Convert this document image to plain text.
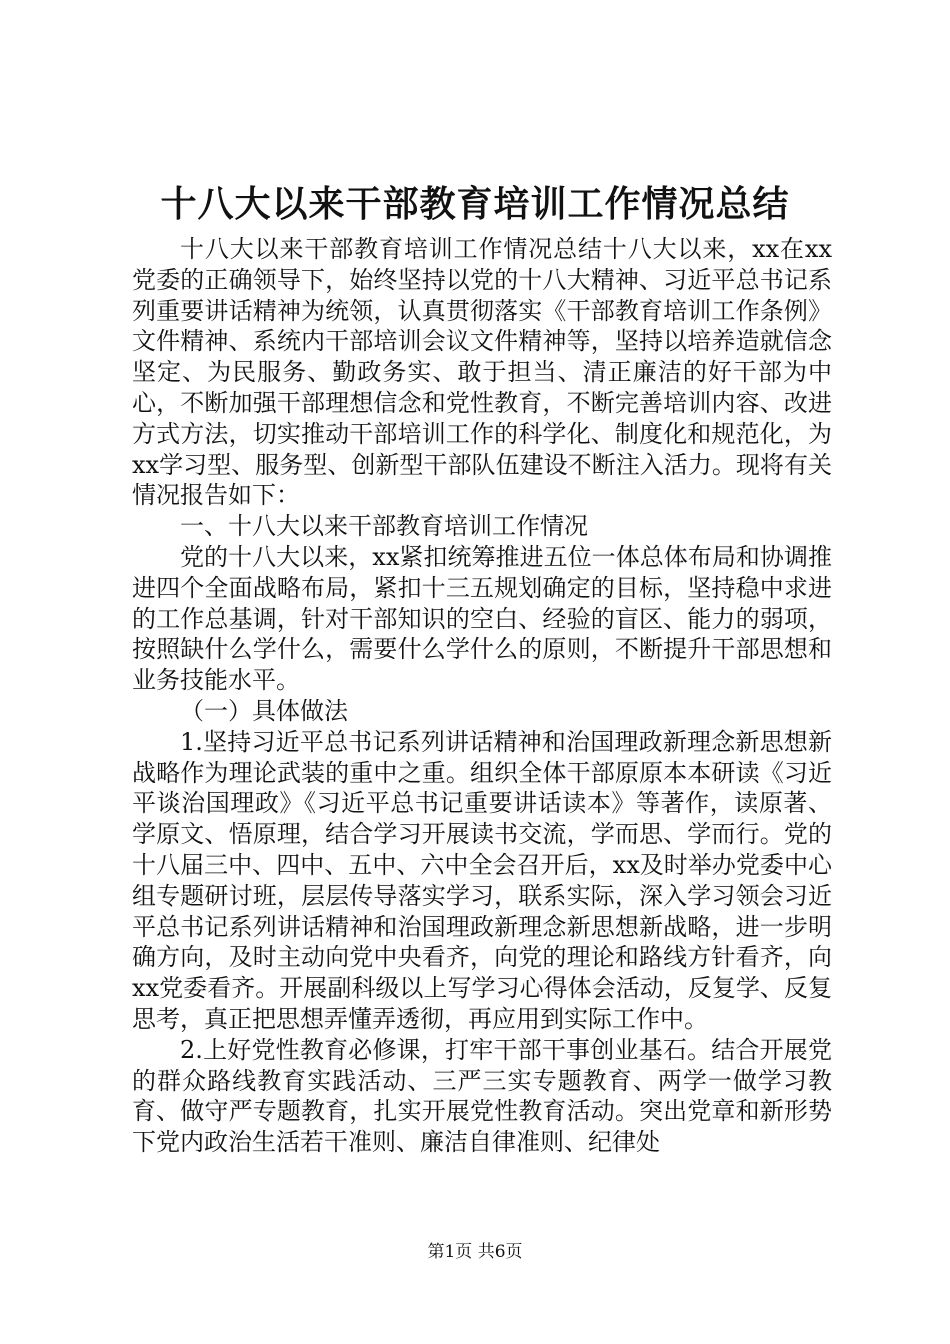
十八大以来干部教育培训工作情况总结

十八大以来干部教育培训工作情况总结十八大以来，xx在xx党委的正确领导下，始终坚持以党的十八大精神、习近平总书记系列重要讲话精神为统领，认真贯彻落实《干部教育培训工作条例》文件精神、系统内干部培训会议文件精神等，坚持以培养造就信念坚定、为民服务、勤政务实、敢于担当、清正廉洁的好干部为中心，不断加强干部理想信念和党性教育，不断完善培训内容、改进方式方法，切实推动干部培训工作的科学化、制度化和规范化，为xx学习型、服务型、创新型干部队伍建设不断注入活力。现将有关情况报告如下：

一、十八大以来干部教育培训工作情况

党的十八大以来，xx紧扣统筹推进五位一体总体布局和协调推进四个全面战略布局，紧扣十三五规划确定的目标，坚持稳中求进的工作总基调，针对干部知识的空白、经验的盲区、能力的弱项，按照缺什么学什么，需要什么学什么的原则，不断提升干部思想和业务技能水平。

（一）具体做法

1.坚持习近平总书记系列讲话精神和治国理政新理念新思想新战略作为理论武装的重中之重。组织全体干部原原本本研读《习近平谈治国理政》《习近平总书记重要讲话读本》等著作，读原著、学原文、悟原理，结合学习开展读书交流，学而思、学而行。党的十八届三中、四中、五中、六中全会召开后，xx及时举办党委中心组专题研讨班，层层传导落实学习，联系实际，深入学习领会习近平总书记系列讲话精神和治国理政新理念新思想新战略，进一步明确方向，及时主动向党中央看齐，向党的理论和路线方针看齐，向xx党委看齐。开展副科级以上写学习心得体会活动，反复学、反复思考，真正把思想弄懂弄透彻，再应用到实际工作中。

2.上好党性教育必修课，打牢干部干事创业基石。结合开展党的群众路线教育实践活动、三严三实专题教育、两学一做学习教育、做守严专题教育，扎实开展党性教育活动。突出党章和新形势下党内政治生活若干准则、廉洁自律准则、纪律处

第1页 共6页
